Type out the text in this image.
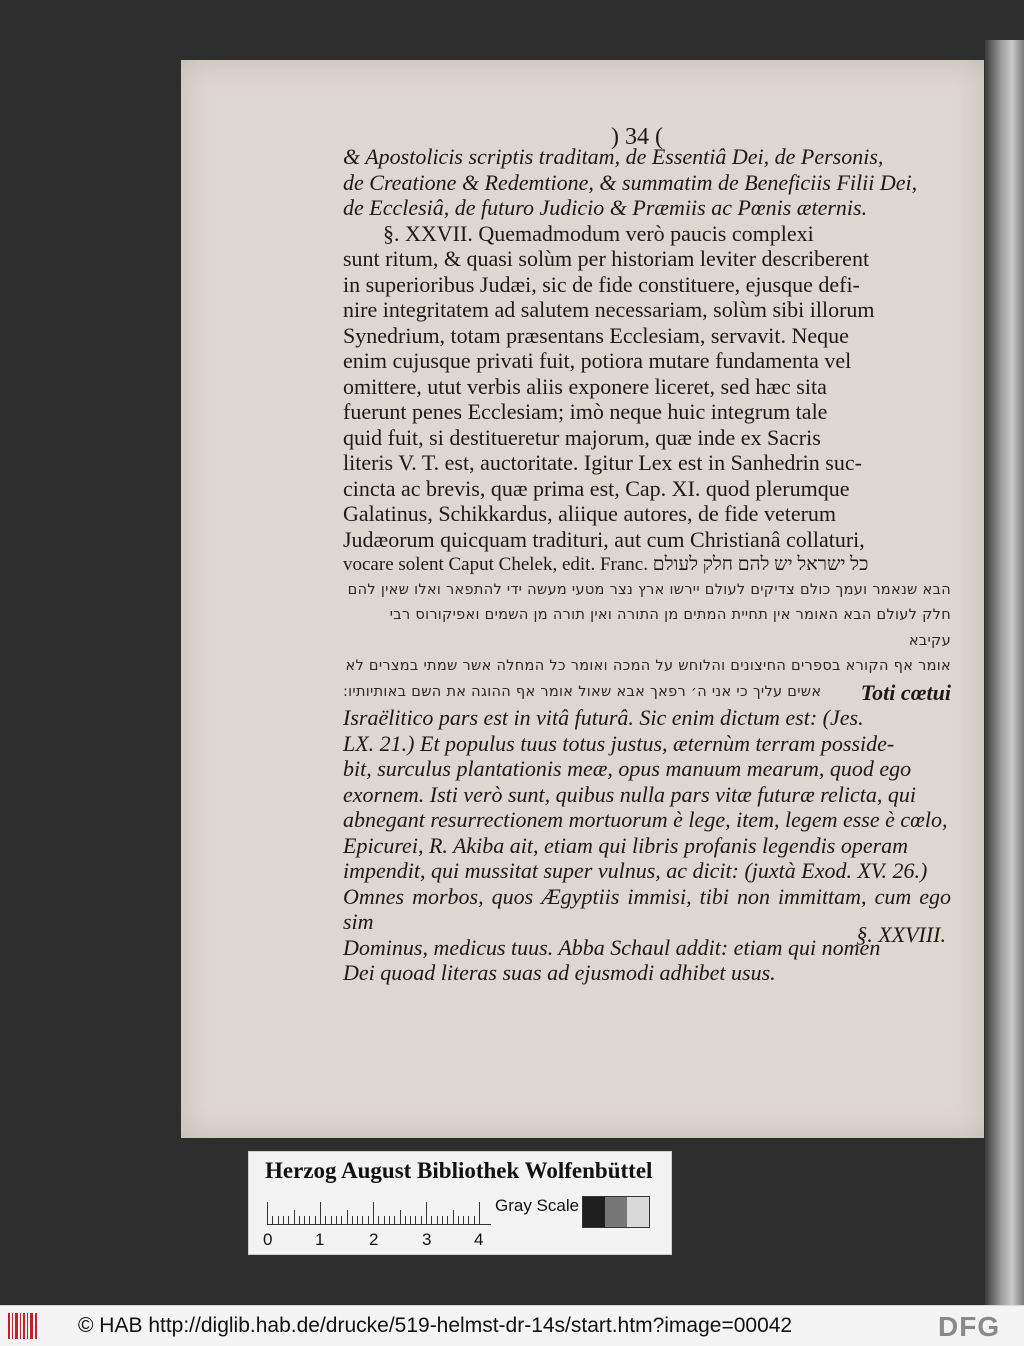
) 34 (

& Apostolicis scriptis traditam, de Essentiâ Dei, de Personis,

de Creatione & Redemtione, & summatim de Beneficiis Filii Dei,

de Ecclesiâ, de futuro Judicio & Præmiis ac Pœnis æternis.

§. XXVII. Quemadmodum verò paucis complexi

sunt ritum, & quasi solùm per historiam leviter describerent

in superioribus Judæi, sic de fide constituere, ejusque defi-

nire integritatem ad salutem necessariam, solùm sibi illorum

Synedrium, totam præsentans Ecclesiam, servavit. Neque

enim cujusque privati fuit, potiora mutare fundamenta vel

omittere, utut verbis aliis exponere liceret, sed hæc sita

fuerunt penes Ecclesiam; imò neque huic integrum tale

quid fuit, si destitueretur majorum, quæ inde ex Sacris

literis V. T. est, auctoritate. Igitur Lex est in Sanhedrin suc-

cincta ac brevis, quæ prima est, Cap. XI. quod plerumque

Galatinus, Schikkardus, aliique autores, de fide veterum

Judæorum quicquam tradituri, aut cum Christianâ collaturi,

vocare solent Caput Chelek, edit. Franc. כל ישראל יש להם חלק לעולם

הבא שנאמר ועמך כולם צדיקים לעולם יירשו ארץ נצר מטעי מעשה ידי להתפאר ואלו שאין להם

חלק לעולם הבא האומר אין תחיית המתים מן התורה ואין תורה מן השמים ואפיקורוס רבי עקיבא

אומר אף הקורא בספרים החיצונים והלוחש על המכה ואומר כל המחלה אשר שמתי במצרים לא

אשים עליך כי אני ה׳ רפאך אבא שאול אומר אף ההוגה את השם באותיותיו: Toti cœtui

Israëlitico pars est in vitâ futurâ. Sic enim dictum est: (Jes.

LX. 21.) Et populus tuus totus justus, æternùm terram posside-

bit, surculus plantationis meæ, opus manuum mearum, quod ego

exornem. Isti verò sunt, quibus nulla pars vitæ futuræ relicta, qui

abnegant resurrectionem mortuorum è lege, item, legem esse è cœlo,

Epicurei, R. Akiba ait, etiam qui libris profanis legendis operam

impendit, qui mussitat super vulnus, ac dicit: (juxtà Exod. XV. 26.)

Omnes morbos, quos Ægyptiis immisi, tibi non immittam, cum ego sim

Dominus, medicus tuus. Abba Schaul addit: etiam qui nomen

Dei quoad literas suas ad ejusmodi adhibet usus.

§. XXVIII.
Herzog August Bibliothek Wolfenbüttel
0	1	2	3	4
Gray Scale
© HAB http://diglib.hab.de/drucke/519-helmst-dr-14s/start.htm?image=00042	DFG
